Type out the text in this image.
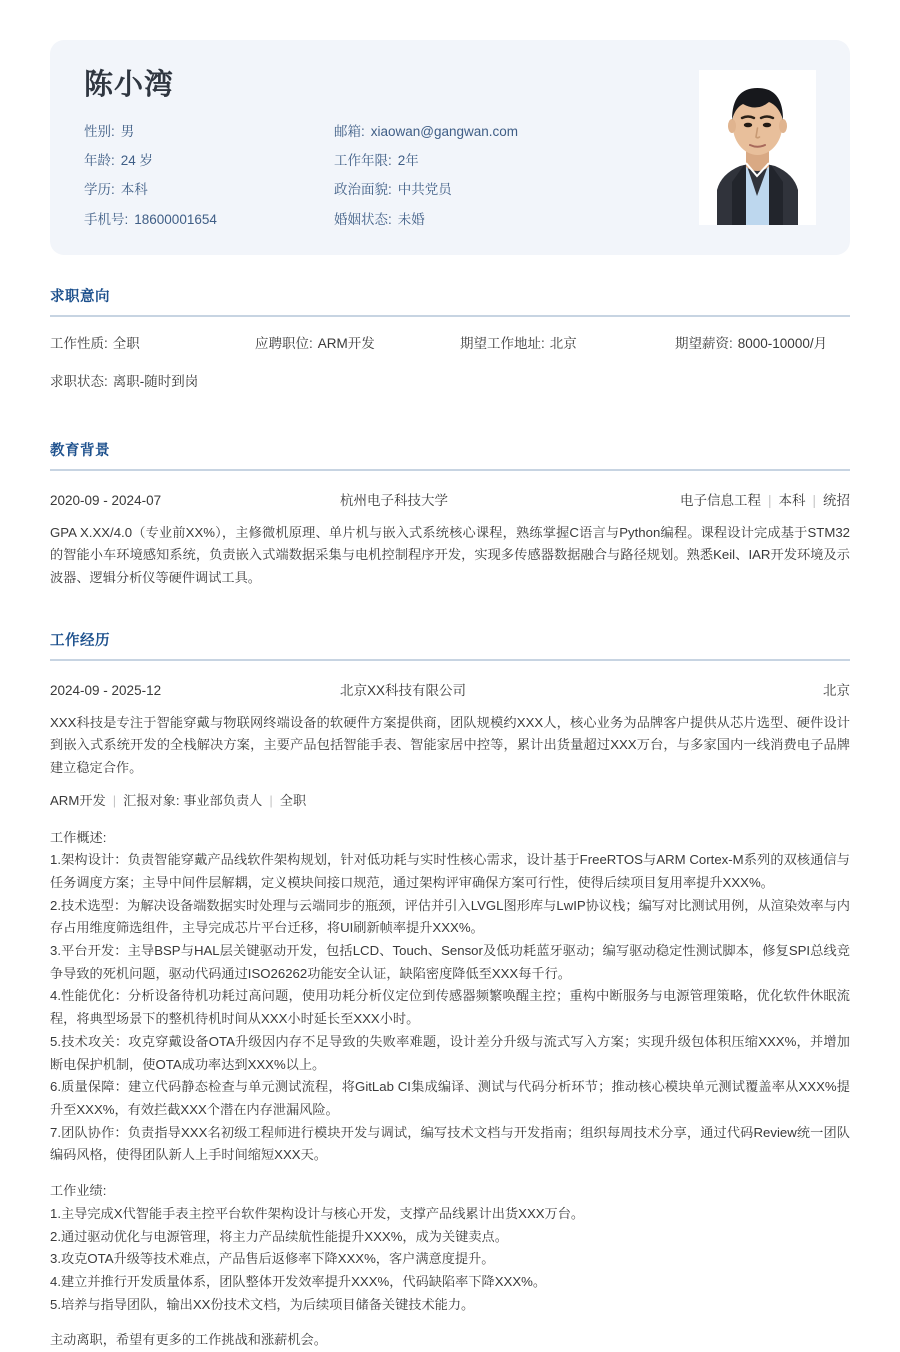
陈小湾
性别: 男	邮箱: xiaowan@gangwan.com
年龄: 24 岁	工作年限: 2年
学历: 本科	政治面貌: 中共党员
手机号: 18600001654	婚姻状态: 未婚
求职意向
工作性质: 全职	应聘职位: ARM开发	期望工作地址: 北京	期望薪资: 8000-10000/月
求职状态: 离职-随时到岗
教育背景
2020-09 - 2024-07	杭州电子科技大学	电子信息工程 | 本科 | 统招
GPA X.XX/4.0（专业前XX%），主修微机原理、单片机与嵌入式系统核心课程，熟练掌握C语言与Python编程。课程设计完成基于STM32的智能小车环境感知系统，负责嵌入式端数据采集与电机控制程序开发，实现多传感器数据融合与路径规划。熟悉Keil、IAR开发环境及示波器、逻辑分析仪等硬件调试工具。
工作经历
2024-09 - 2025-12	北京XX科技有限公司	北京
XXX科技是专注于智能穿戴与物联网终端设备的软硬件方案提供商，团队规模约XXX人，核心业务为品牌客户提供从芯片选型、硬件设计到嵌入式系统开发的全栈解决方案，主要产品包括智能手表、智能家居中控等，累计出货量超过XXX万台，与多家国内一线消费电子品牌建立稳定合作。
ARM开发 | 汇报对象: 事业部负责人 | 全职
工作概述:
1.架构设计：负责智能穿戴产品线软件架构规划，针对低功耗与实时性核心需求，设计基于FreeRTOS与ARM Cortex-M系列的双核通信与任务调度方案；主导中间件层解耦，定义模块间接口规范，通过架构评审确保方案可行性，使得后续项目复用率提升XXX%。
2.技术选型：为解决设备端数据实时处理与云端同步的瓶颈，评估并引入LVGL图形库与LwIP协议栈；编写对比测试用例，从渲染效率与内存占用维度筛选组件，主导完成芯片平台迁移，将UI刷新帧率提升XXX%。
3.平台开发：主导BSP与HAL层关键驱动开发，包括LCD、Touch、Sensor及低功耗蓝牙驱动；编写驱动稳定性测试脚本，修复SPI总线竞争导致的死机问题，驱动代码通过ISO26262功能安全认证，缺陷密度降低至XXX每千行。
4.性能优化：分析设备待机功耗过高问题，使用功耗分析仪定位到传感器频繁唤醒主控；重构中断服务与电源管理策略，优化软件休眠流程，将典型场景下的整机待机时间从XXX小时延长至XXX小时。
5.技术攻关：攻克穿戴设备OTA升级因内存不足导致的失败率难题，设计差分升级与流式写入方案；实现升级包体积压缩XXX%，并增加断电保护机制，使OTA成功率达到XXX%以上。
6.质量保障：建立代码静态检查与单元测试流程，将GitLab CI集成编译、测试与代码分析环节；推动核心模块单元测试覆盖率从XXX%提升至XXX%，有效拦截XXX个潜在内存泄漏风险。
7.团队协作：负责指导XXX名初级工程师进行模块开发与调试，编写技术文档与开发指南；组织每周技术分享，通过代码Review统一团队编码风格，使得团队新人上手时间缩短XXX天。
工作业绩:
1.主导完成X代智能手表主控平台软件架构设计与核心开发，支撑产品线累计出货XXX万台。
2.通过驱动优化与电源管理，将主力产品续航性能提升XXX%，成为关键卖点。
3.攻克OTA升级等技术难点，产品售后返修率下降XXX%，客户满意度提升。
4.建立并推行开发质量体系，团队整体开发效率提升XXX%，代码缺陷率下降XXX%。
5.培养与指导团队，输出XX份技术文档，为后续项目储备关键技术能力。
主动离职，希望有更多的工作挑战和涨薪机会。
